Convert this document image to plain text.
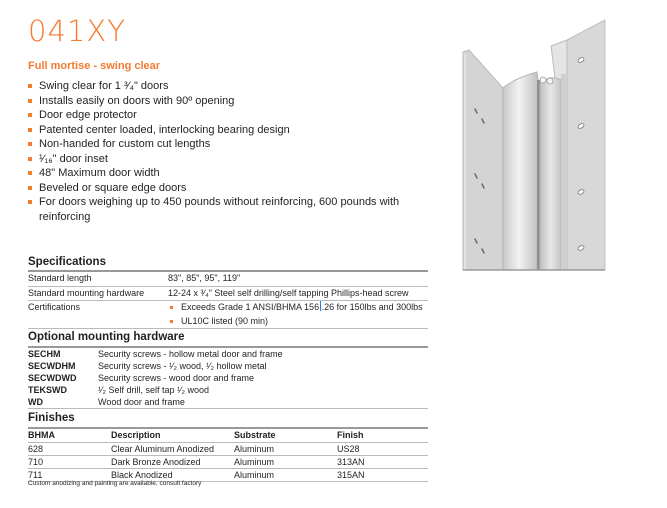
041XY
Full mortise - swing clear
Swing clear for 1 ³⁄₄" doors
Installs easily on doors with 90º opening
Door edge protector
Patented center loaded, interlocking bearing design
Non-handed for custom cut lengths
¹⁄₁₆" door inset
48" Maximum door width
Beveled or square edge doors
For doors weighing up to 450 pounds without reinforcing, 600 pounds with reinforcing
Specifications
Standard length	83", 85", 95", 119"
Standard mounting hardware	12-24 x ³⁄₄" Steel self drilling/self tapping Phillips-head screw
Certifications	Exceeds Grade 1 ANSI/BHMA 156 .26 for 150lbs and 300lbs
UL10C listed (90 min)
Optional mounting hardware
SECHM	Security screws - hollow metal door and frame
SECWDHM	Security screws - ¹⁄₂ wood, ¹⁄₂ hollow metal
SECWDWD	Security screws - wood door and frame
TEKSWD	¹⁄₂ Self drill, self tap ¹⁄₂ wood
WD	Wood door and frame
Finishes
BHMA	Description	Substrate	Finish
628	Clear Aluminum Anodized	Aluminum	US28
710	Dark Bronze Anodized	Aluminum	313AN
711	Black Anodized	Aluminum	315AN
Custom anodizing and painting are available, consult factory
